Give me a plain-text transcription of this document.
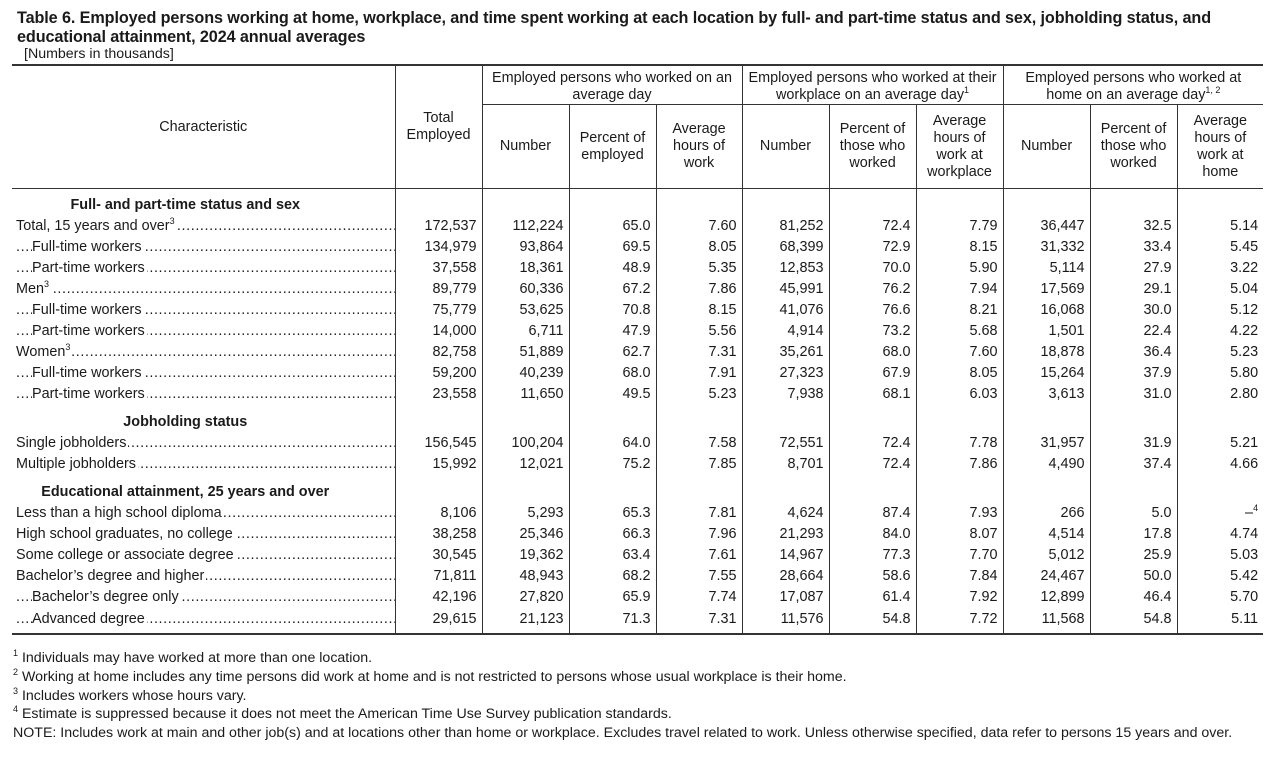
Table 6. Employed persons working at home, workplace, and time spent working at each location by full- and part-time status and sex, jobholding status, and educational attainment, 2024 annual averages
[Numbers in thousands]
Characteristic	Total Employed	Employed persons who worked on an average day			Employed persons who worked at their workplace on an average day$^1$			Employed persons who worked at home on an average day$^{1, 2}$
		Number	Percent of employed	Average hours of work	Number	Percent of those who worked	Average hours of work at workplace	Number	Percent of those who worked	Average hours of work at home
Full- and part-time status and sex										

Total, 15 years and over$^3$ .....	172,537	112,224	65.0	7.60	81,252	72.4	7.79	36,447	32.5	5.14

Full-time workers .....	134,979	93,864	69.5	8.05	68,399	72.9	8.15	31,332	33.4	5.45

Part-time workers .....	37,558	18,361	48.9	5.35	12,853	70.0	5.90	5,114	27.9	3.22

Men$^3$ .....	89,779	60,336	67.2	7.86	45,991	76.2	7.94	17,569	29.1	5.04

Full-time workers .....	75,779	53,625	70.8	8.15	41,076	76.6	8.21	16,068	30.0	5.12

Part-time workers .....	14,000	6,711	47.9	5.56	4,914	73.2	5.68	1,501	22.4	4.22

Women$^3$ .....	82,758	51,889	62.7	7.31	35,261	68.0	7.60	18,878	36.4	5.23

Full-time workers .....	59,200	40,239	68.0	7.91	27,323	67.9	8.05	15,264	37.9	5.80

Part-time workers .....	23,558	11,650	49.5	5.23	7,938	68.1	6.03	3,613	31.0	2.80
Jobholding status										

Single jobholders .....	156,545	100,204	64.0	7.58	72,551	72.4	7.78	31,957	31.9	5.21

Multiple jobholders .....	15,992	12,021	75.2	7.85	8,701	72.4	7.86	4,490	37.4	4.66
Educational attainment, 25 years and over										

Less than a high school diploma .....	8,106	5,293	65.3	7.81	4,624	87.4	7.93	266	5.0	–$^4$

High school graduates, no college .....	38,258	25,346	66.3	7.96	21,293	84.0	8.07	4,514	17.8	4.74

Some college or associate degree .....	30,545	19,362	63.4	7.61	14,967	77.3	7.70	5,012	25.9	5.03

Bachelor’s degree and higher .....	71,811	48,943	68.2	7.55	28,664	58.6	7.84	24,467	50.0	5.42

Bachelor’s degree only .....	42,196	27,820	65.9	7.74	17,087	61.4	7.92	12,899	46.4	5.70

Advanced degree .....	29,615	21,123	71.3	7.31	11,576	54.8	7.72	11,568	54.8	5.11
$^1$ Individuals may have worked at more than one location.
$^2$ Working at home includes any time persons did work at home and is not restricted to persons whose usual workplace is their home.
$^3$ Includes workers whose hours vary.
$^4$ Estimate is suppressed because it does not meet the American Time Use Survey publication standards.
NOTE: Includes work at main and other job(s) and at locations other than home or workplace. Excludes travel related to work. Unless otherwise specified, data refer to persons 15 years and over.
